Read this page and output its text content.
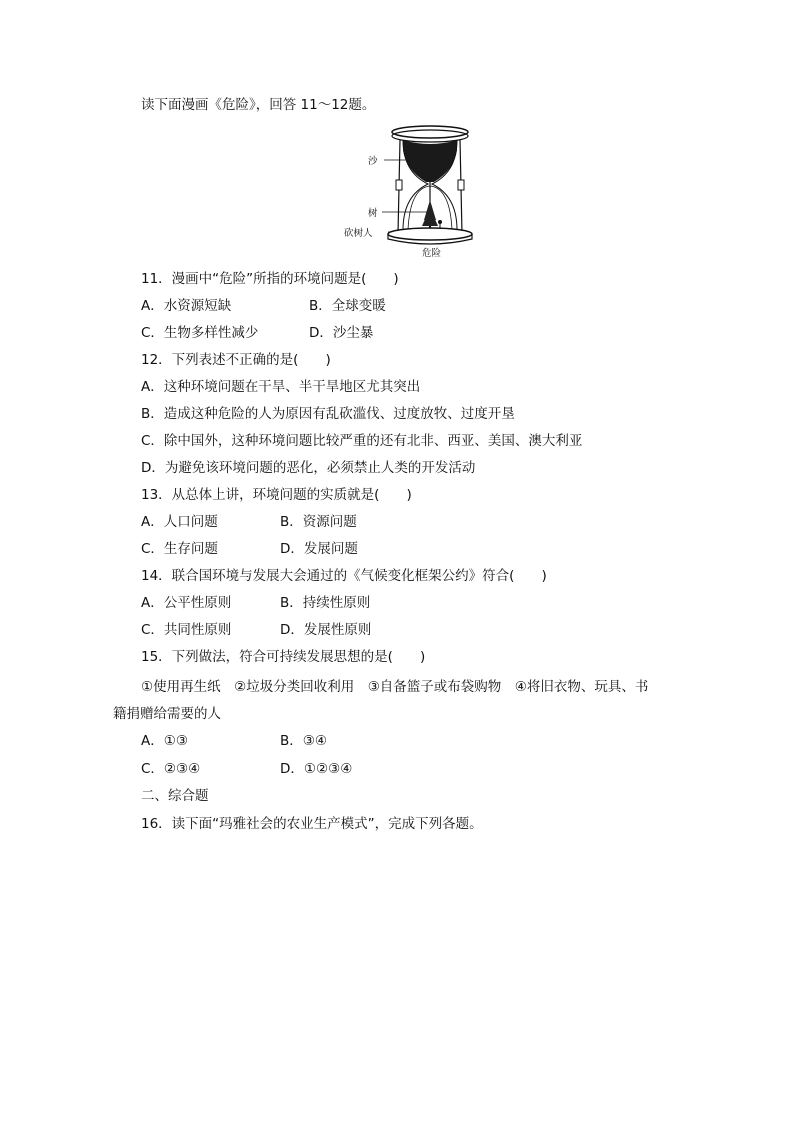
读下面漫画《危险》，回答 11～12题。
沙
树
砍树人
危险
11．漫画中“危险”所指的环境问题是(　　)
A．水资源短缺	B．全球变暖
C．生物多样性减少	D．沙尘暴
12．下列表述不正确的是(　　)
A．这种环境问题在干旱、半干旱地区尤其突出
B．造成这种危险的人为原因有乱砍滥伐、过度放牧、过度开垦
C．除中国外，这种环境问题比较严重的还有北非、西亚、美国、澳大利亚
D．为避免该环境问题的恶化，必须禁止人类的开发活动
13．从总体上讲，环境问题的实质就是(　　)
A．人口问题	B．资源问题
C．生存问题	D．发展问题
14．联合国环境与发展大会通过的《气候变化框架公约》符合(　　)
A．公平性原则	B．持续性原则
C．共同性原则	D．发展性原则
15．下列做法，符合可持续发展思想的是(　　)
①使用再生纸　②垃圾分类回收利用　③自备篮子或布袋购物　④将旧衣物、玩具、书
籍捐赠给需要的人
A．①③	B．③④
C．②③④	D．①②③④
二、综合题
16．读下面“玛雅社会的农业生产模式”，完成下列各题。
